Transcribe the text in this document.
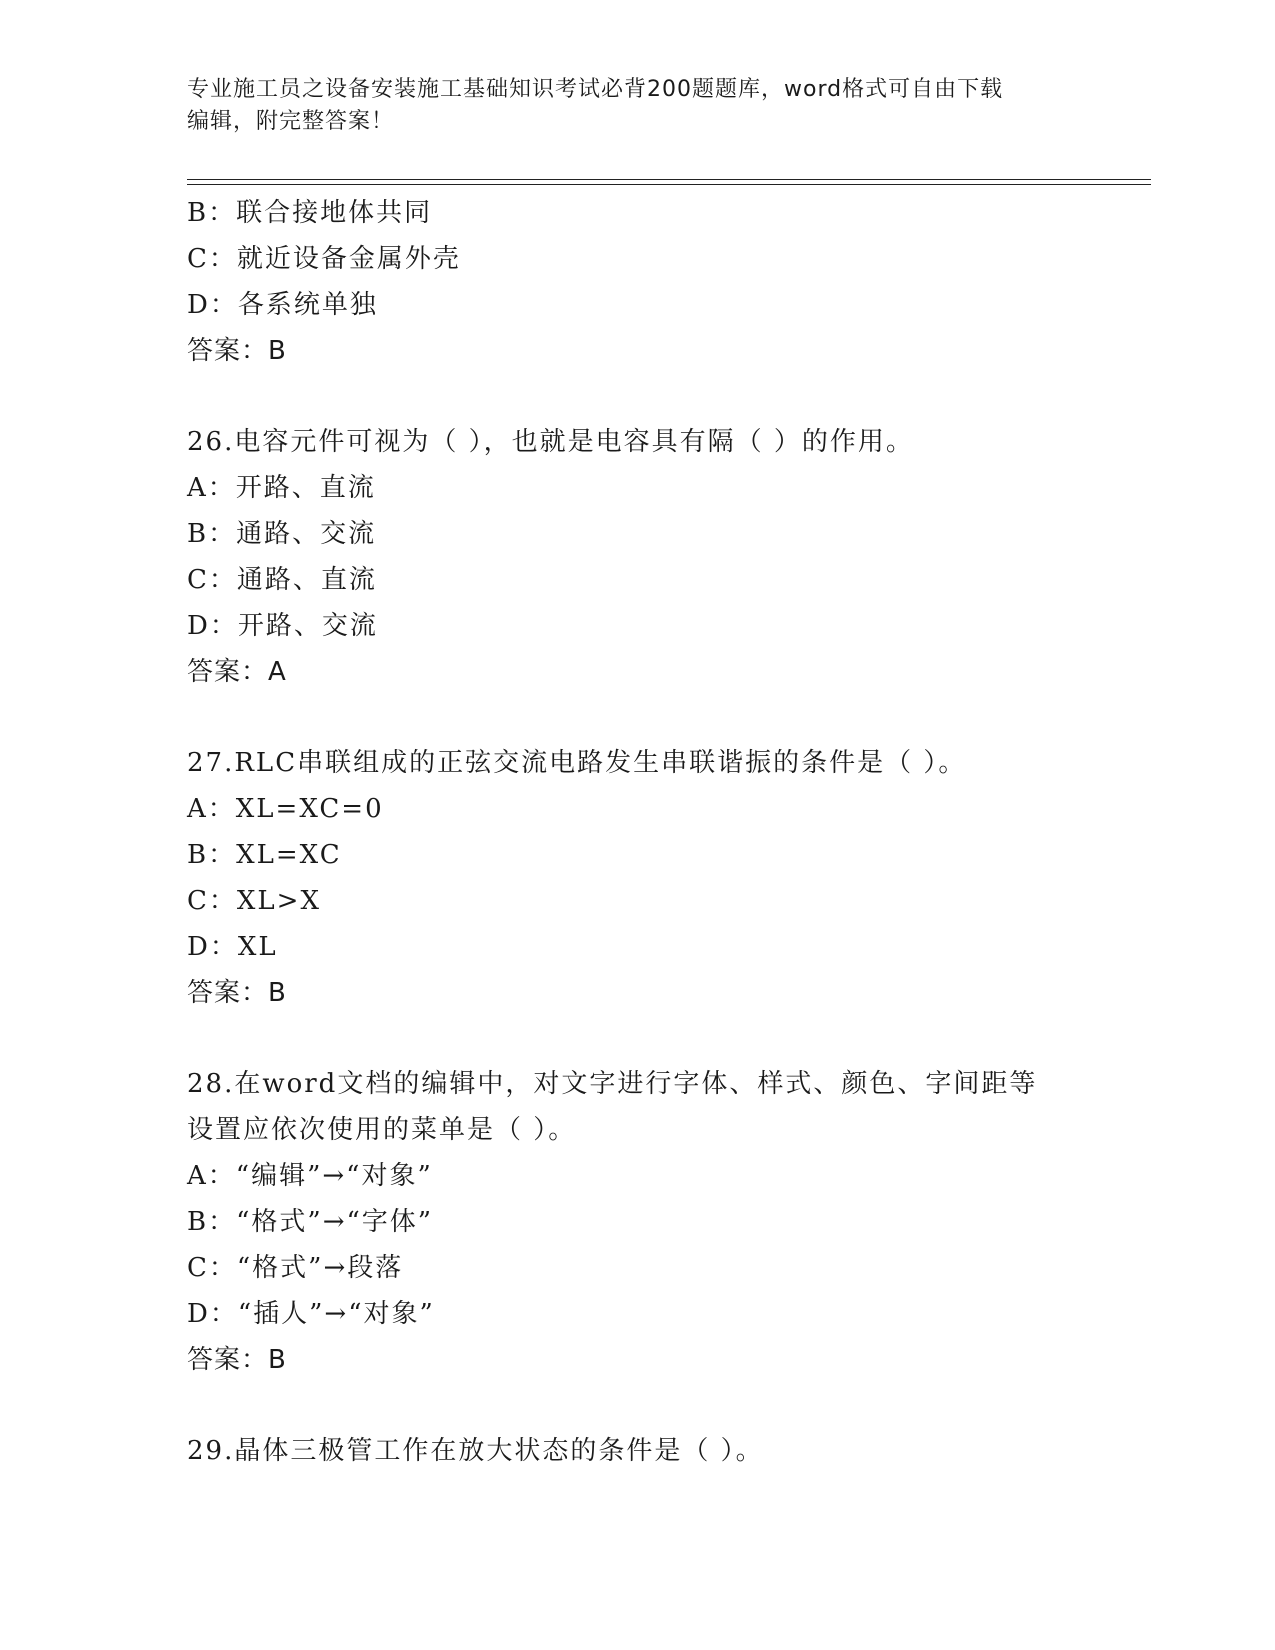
专业施工员之设备安装施工基础知识考试必背200题题库，word格式可自由下载
编辑，附完整答案！
B：联合接地体共同
C：就近设备金属外壳
D：各系统单独
答案：B
26.电容元件可视为（ ），也就是电容具有隔（ ）的作用。
A：开路、直流
B：通路、交流
C：通路、直流
D：开路、交流
答案：A
27.RLC串联组成的正弦交流电路发生串联谐振的条件是（ ）。
A：XL=XC=0
B：XL=XC
C：XL>X
D：XL
答案：B
28.在word文档的编辑中，对文字进行字体、样式、颜色、字间距等
设置应依次使用的菜单是（ ）。
A：“编辑”→“对象”
B：“格式”→“字体”
C：“格式”→段落
D：“插人”→“对象”
答案：B
29.晶体三极管工作在放大状态的条件是（ ）。
